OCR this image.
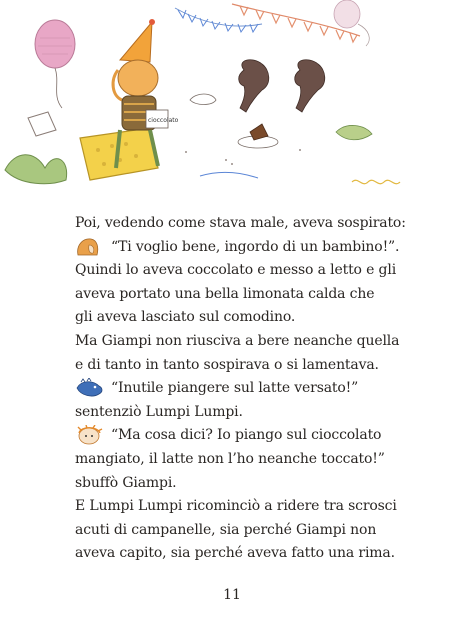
cioccolato
Poi, vedendo come stava male, aveva sospirato:
“Ti voglio bene, ingordo di un bambino!”.
Quindi lo aveva coccolato e messo a letto e gli
aveva portato una bella limonata calda che
gli aveva lasciato sul comodino.
Ma Giampi non riusciva a bere neanche quella
e di tanto in tanto sospirava o si lamentava.
“Inutile piangere sul latte versato!”
sentenziò Lumpi Lumpi.
“Ma cosa dici? Io piango sul cioccolato
mangiato, il latte non l’ho neanche toccato!”
sbuffò Giampi.
E Lumpi Lumpi ricominciò a ridere tra scrosci
acuti di campanelle, sia perché Giampi non
aveva capito, sia perché aveva fatto una rima.
11
